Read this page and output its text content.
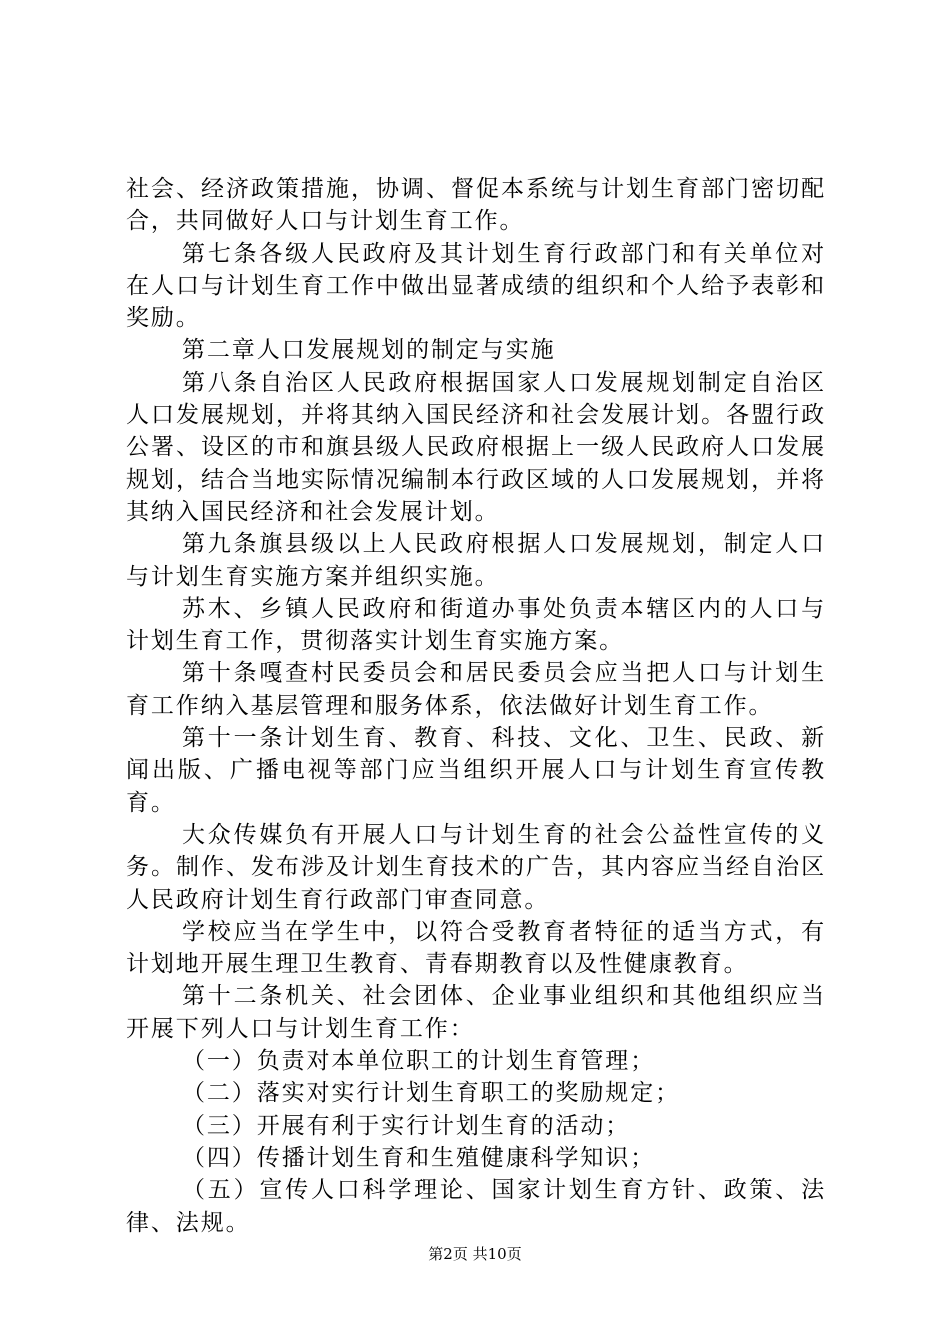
社会、经济政策措施，协调、督促本系统与计划生育部门密切配合，共同做好人口与计划生育工作。

第七条各级人民政府及其计划生育行政部门和有关单位对在人口与计划生育工作中做出显著成绩的组织和个人给予表彰和奖励。

第二章人口发展规划的制定与实施

第八条自治区人民政府根据国家人口发展规划制定自治区人口发展规划，并将其纳入国民经济和社会发展计划。各盟行政公署、设区的市和旗县级人民政府根据上一级人民政府人口发展规划，结合当地实际情况编制本行政区域的人口发展规划，并将其纳入国民经济和社会发展计划。

第九条旗县级以上人民政府根据人口发展规划，制定人口与计划生育实施方案并组织实施。

苏木、乡镇人民政府和街道办事处负责本辖区内的人口与计划生育工作，贯彻落实计划生育实施方案。

第十条嘎查村民委员会和居民委员会应当把人口与计划生育工作纳入基层管理和服务体系，依法做好计划生育工作。

第十一条计划生育、教育、科技、文化、卫生、民政、新闻出版、广播电视等部门应当组织开展人口与计划生育宣传教育。

大众传媒负有开展人口与计划生育的社会公益性宣传的义务。制作、发布涉及计划生育技术的广告，其内容应当经自治区人民政府计划生育行政部门审查同意。

学校应当在学生中，以符合受教育者特征的适当方式，有计划地开展生理卫生教育、青春期教育以及性健康教育。

第十二条机关、社会团体、企业事业组织和其他组织应当开展下列人口与计划生育工作：

（一）负责对本单位职工的计划生育管理；

（二）落实对实行计划生育职工的奖励规定；

（三）开展有利于实行计划生育的活动；

（四）传播计划生育和生殖健康科学知识；

（五）宣传人口科学理论、国家计划生育方针、政策、法律、法规。

第2页 共10页
